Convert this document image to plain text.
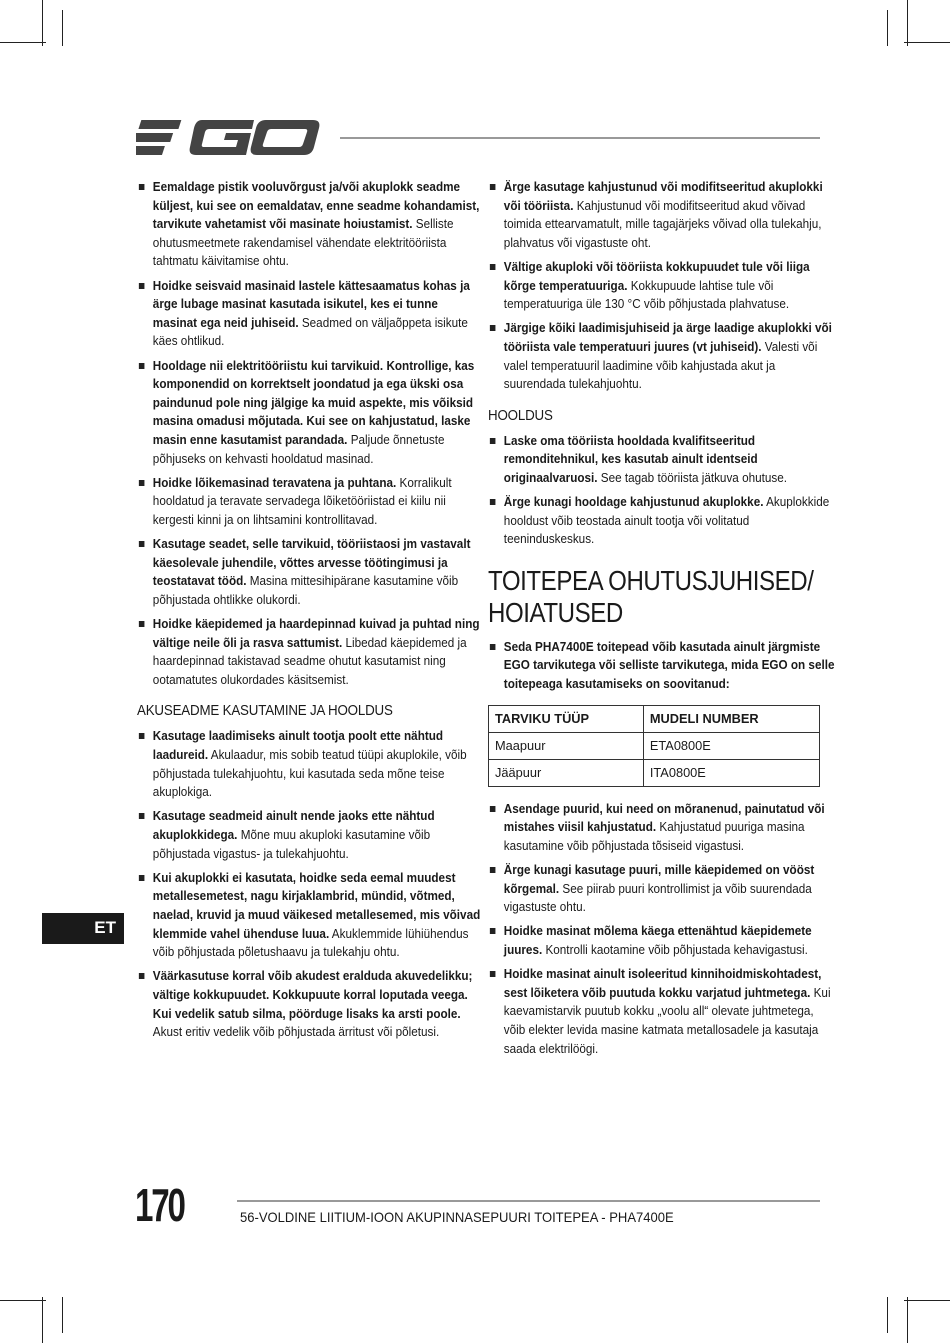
Eemaldage pistik vooluvõrgust ja/või akuplokk seadme küljest, kui see on eemaldatav, enne seadme kohandamist, tarvikute vahetamist või masinate hoiustamist. Selliste ohutusmeetmete rakendamisel vähendate elektritööriista tahtmatu käivitamise ohtu.
Hoidke seisvaid masinaid lastele kättesaamatus kohas ja ärge lubage masinat kasutada isikutel, kes ei tunne masinat ega neid juhiseid. Seadmed on väljaõppeta isikute käes ohtlikud.
Hooldage nii elektritööriistu kui tarvikuid. Kontrollige, kas komponendid on korrektselt joondatud ja ega ükski osa paindunud pole ning jälgige ka muid aspekte, mis võiksid masina omadusi mõjutada. Kui see on kahjustatud, laske masin enne kasutamist parandada. Paljude õnnetuste põhjuseks on kehvasti hooldatud masinad.
Hoidke lõikemasinad teravatena ja puhtana. Korralikult hooldatud ja teravate servadega lõiketööriistad ei kiilu nii kergesti kinni ja on lihtsamini kontrollitavad.
Kasutage seadet, selle tarvikuid, tööriistaosi jm vastavalt käesolevale juhendile, võttes arvesse töötingimusi ja teostatavat tööd. Masina mittesihipärane kasutamine võib põhjustada ohtlikke olukordi.
Hoidke käepidemed ja haardepinnad kuivad ja puhtad ning vältige neile õli ja rasva sattumist. Libedad käepidemed ja haardepinnad takistavad seadme ohutut kasutamist ning ootamatutes olukordades käsitsemist.
AKUSEADME KASUTAMINE JA HOOLDUS
Kasutage laadimiseks ainult tootja poolt ette nähtud laadureid. Akulaadur, mis sobib teatud tüüpi akuplokile, võib põhjustada tulekahjuohtu, kui kasutada seda mõne teise akuplokiga.
Kasutage seadmeid ainult nende jaoks ette nähtud akuplokkidega. Mõne muu akuploki kasutamine võib põhjustada vigastus- ja tulekahjuohtu.
Kui akuplokki ei kasutata, hoidke seda eemal muudest metallesemetest, nagu kirjaklambrid, mündid, võtmed, naelad, kruvid ja muud väikesed metallesemed, mis võivad klemmide vahel ühenduse luua. Akuklemmide lühiühendus võib põhjustada põletushaavu ja tulekahju ohtu.
Väärkasutuse korral võib akudest eralduda akuvedelikku; vältige kokkupuudet. Kokkupuute korral loputada veega. Kui vedelik satub silma, pöörduge lisaks ka arsti poole. Akust eritiv vedelik võib põhjustada ärritust või põletusi.
Ärge kasutage kahjustunud või modifitseeritud akuplokki või tööriista. Kahjustunud või modifitseeritud akud võivad toimida ettearvamatult, mille tagajärjeks võivad olla tulekahju, plahvatus või vigastuste oht.
Vältige akuploki või tööriista kokkupuudet tule või liiga kõrge temperatuuriga. Kokkupuude lahtise tule või temperatuuriga üle 130 °C võib põhjustada plahvatuse.
Järgige kõiki laadimisjuhiseid ja ärge laadige akuplokki või tööriista vale temperatuuri juures (vt juhiseid). Valesti või valel temperatuuril laadimine võib kahjustada akut ja suurendada tulekahjuohtu.
HOOLDUS
Laske oma tööriista hooldada kvalifitseeritud remonditehnikul, kes kasutab ainult identseid originaalvaruosi. See tagab tööriista jätkuva ohutuse.
Ärge kunagi hooldage kahjustunud akuplokke. Akuplokkide hooldust võib teostada ainult tootja või volitatud teeninduskeskus.
TOITEPEA OHUTUSJUHISED/
HOIATUSED
Seda PHA7400E toitepead võib kasutada ainult järgmiste EGO tarvikutega või selliste tarvikutega, mida EGO on selle toitepeaga kasutamiseks on soovitanud:
TARVIKU TÜÜP	MUDELI NUMBER
Maapuur	ETA0800E
Jääpuur	ITA0800E
Asendage puurid, kui need on mõranenud, painutatud või mistahes viisil kahjustatud. Kahjustatud puuriga masina kasutamine võib põhjustada tõsiseid vigastusi.
Ärge kunagi kasutage puuri, mille käepidemed on vööst kõrgemal. See piirab puuri kontrollimist ja võib suurendada vigastuste ohtu.
Hoidke masinat mõlema käega ettenähtud käepidemete juures. Kontrolli kaotamine võib põhjustada kehavigastusi.
Hoidke masinat ainult isoleeritud kinnihoidmiskohtadest, sest lõiketera võib puutuda kokku varjatud juhtmetega. Kui kaevamistarvik puutub kokku „voolu all“ olevate juhtmetega, võib elekter levida masine katmata metallosadele ja kasutaja saada elektrilöögi.
ET
170	56-VOLDINE LIITIUM-IOON AKUPINNASEPUURI TOITEPEA - PHA7400E
